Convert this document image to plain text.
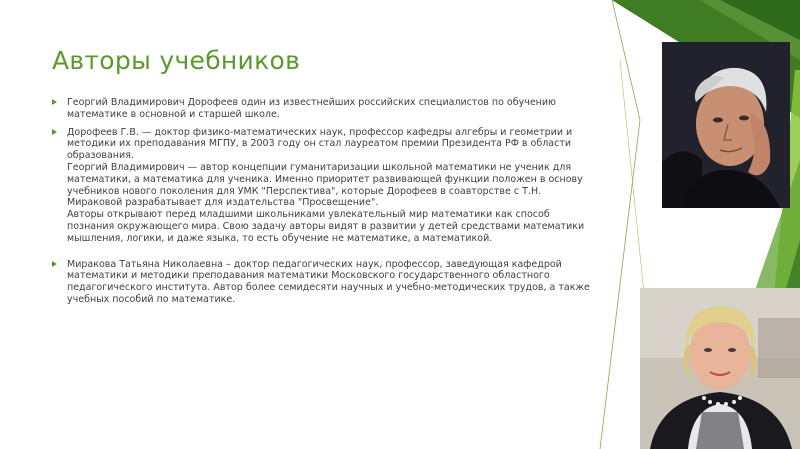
Авторы учебников

Георгий Владимирович Дорофеев один из известнейших российских специалистов по обучению математике в основной и старшей школе.

Дорофеев Г.В. — доктор физико-математических наук, профессор кафедры алгебры и геометрии и методики их преподавания МГПУ, в 2003 году он стал лауреатом премии Президента РФ в области образования.

Георгий Владимирович — автор концепции гуманитаризации школьной математики не ученик для математики, а математика для ученика. Именно приоритет развивающей функции положен в основу учебников нового поколения для УМК "Перспектива", которые Дорофеев в соавторстве с Т.Н. Мираковой разрабатывает для издательства "Просвещение".

Авторы открывают перед младшими школьниками увлекательный мир математики как способ познания окружающего мира. Свою задачу авторы видят в развитии у детей средствами математики мышления, логики, и даже языка, то есть обучение не математике, а математикой.

Миракова Татьяна Николаевна – доктор педагогических наук, профессор, заведующая кафедрой математики и методики преподавания математики Московского государственного областного педагогического института. Автор более семидесяти научных и учебно-методических трудов, а также учебных пособий по математике.
